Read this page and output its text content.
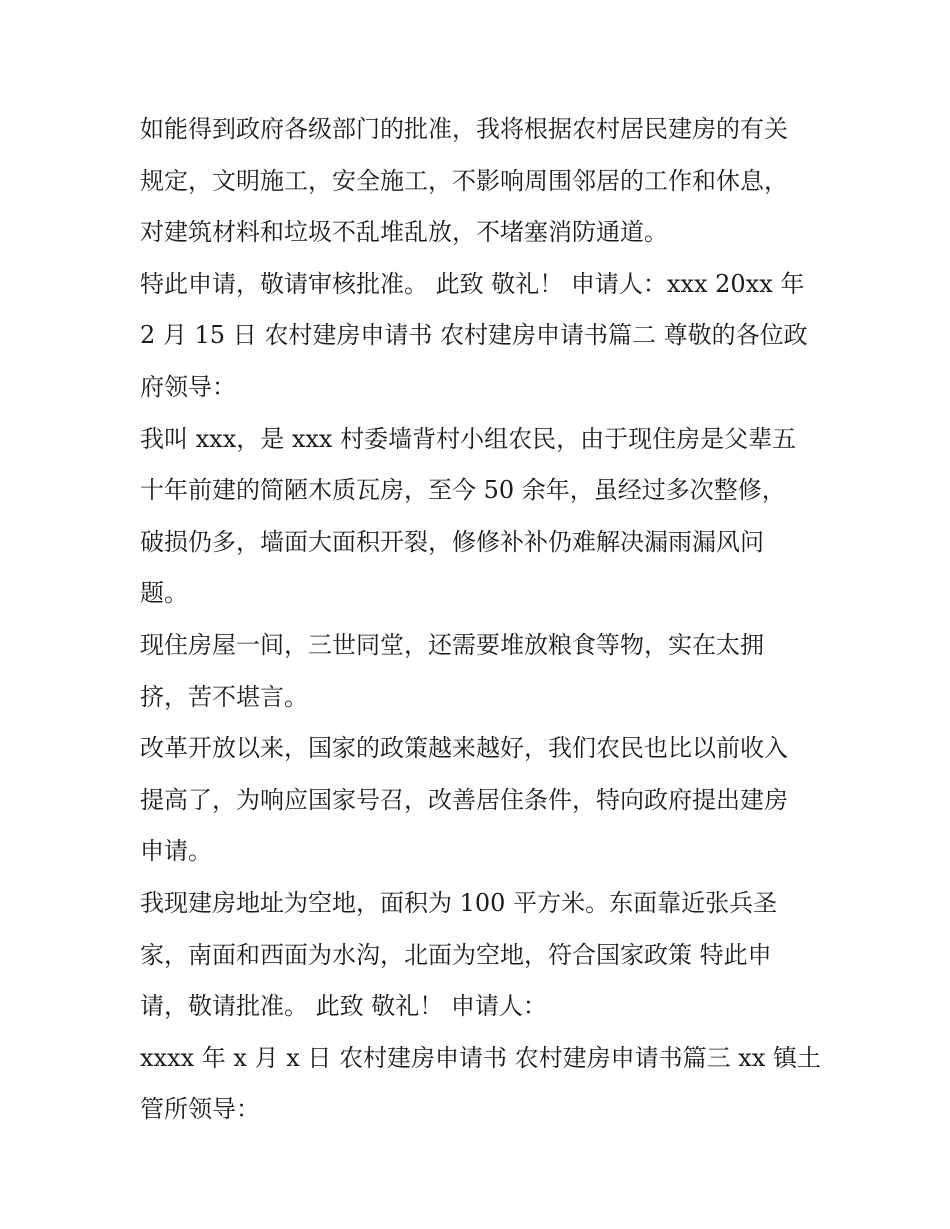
如能得到政府各级部门的批准，我将根据农村居民建房的有关
规定，文明施工，安全施工，不影响周围邻居的工作和休息，
对建筑材料和垃圾不乱堆乱放，不堵塞消防通道。
特此申请，敬请审核批准。 此致 敬礼！ 申请人：xxx 20xx 年
2 月 15 日 农村建房申请书 农村建房申请书篇二 尊敬的各位政
府领导：
我叫 xxx，是 xxx 村委墙背村小组农民，由于现住房是父辈五
十年前建的简陋木质瓦房，至今 50 余年，虽经过多次整修，
破损仍多，墙面大面积开裂，修修补补仍难解决漏雨漏风问
题。
现住房屋一间，三世同堂，还需要堆放粮食等物，实在太拥
挤，苦不堪言。
改革开放以来，国家的政策越来越好，我们农民也比以前收入
提高了，为响应国家号召，改善居住条件，特向政府提出建房
申请。
我现建房地址为空地，面积为 100 平方米。东面靠近张兵圣
家，南面和西面为水沟，北面为空地，符合国家政策 特此申
请，敬请批准。 此致 敬礼！ 申请人：
xxxx 年 x 月 x 日 农村建房申请书 农村建房申请书篇三 xx 镇土
管所领导：
